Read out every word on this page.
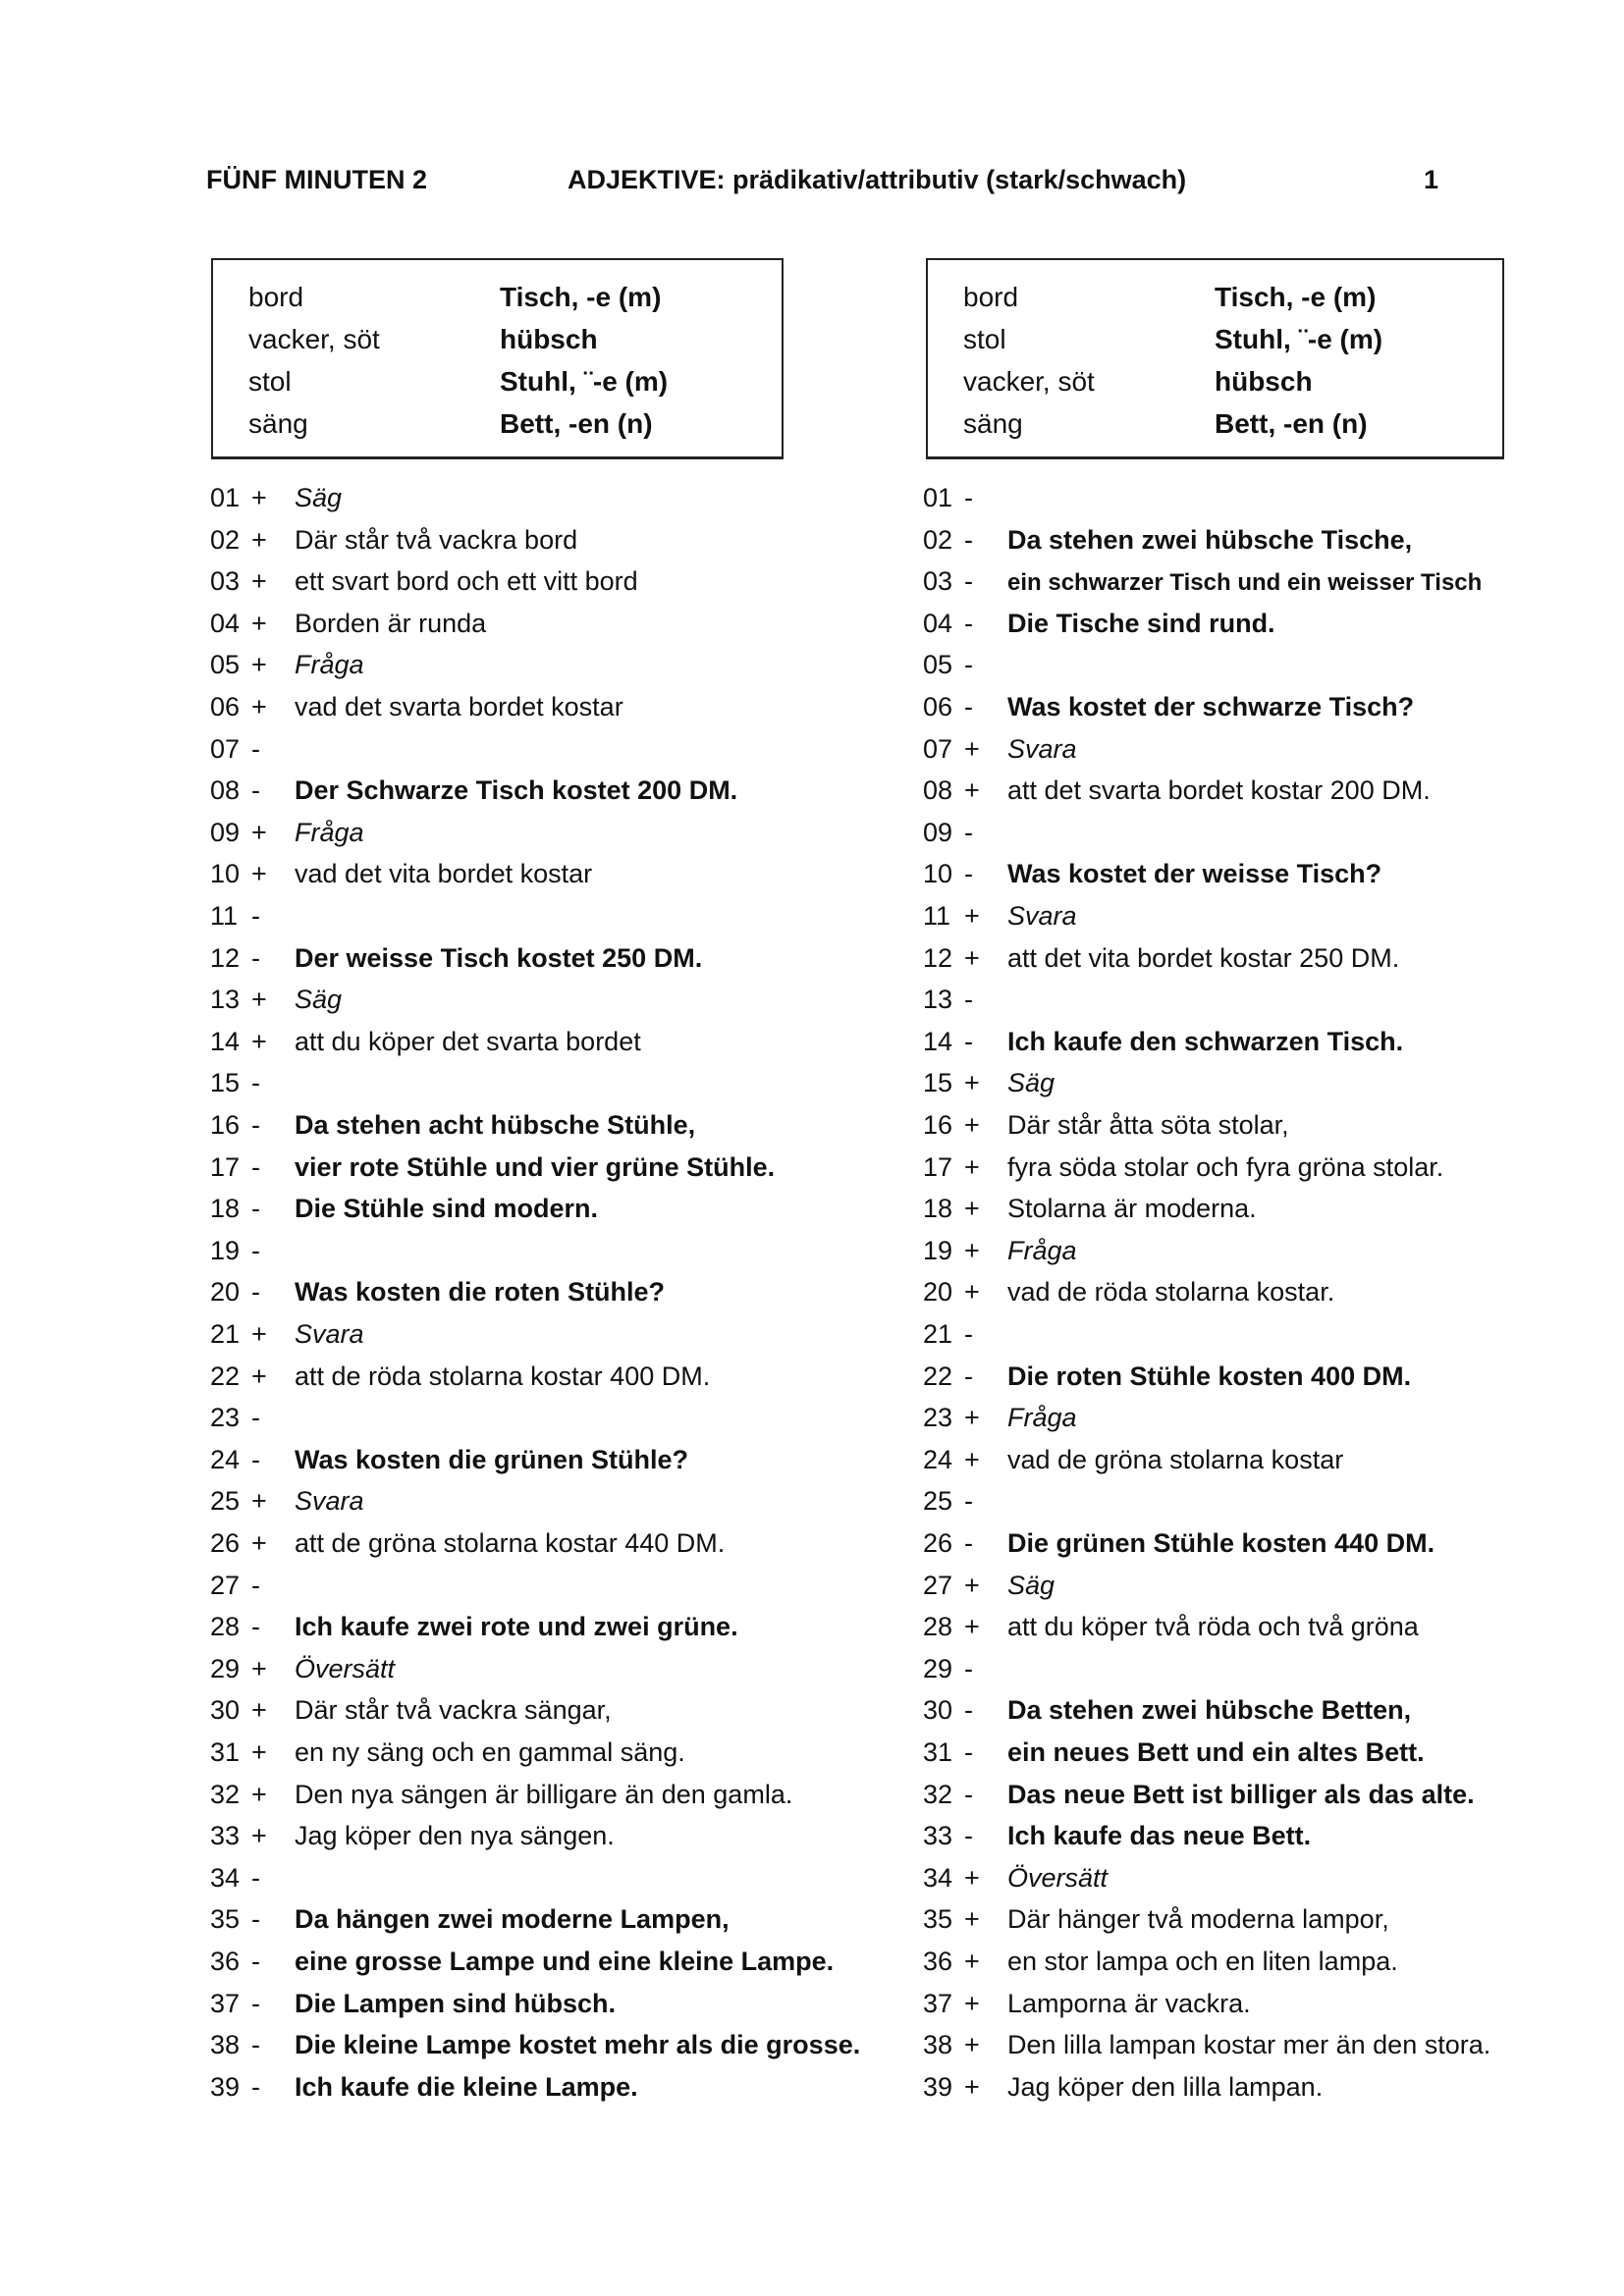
FÜNF MINUTEN 2	ADJEKTIVE: prädikativ/attributiv (stark/schwach)	1
bord	Tisch, -e (m)
vacker, söt	hübsch
stol	Stuhl, ¨-e (m)
säng	Bett, -en (n)
bord	Tisch, -e (m)
stol	Stuhl, ¨-e (m)
vacker, söt	hübsch
säng	Bett, -en (n)
01 + Säg
02 + Där står två vackra bord
03 + ett svart bord och ett vitt bord
04 + Borden är runda
05 + Fråga
06 + vad det svarta bordet kostar
07 -
08 - Der Schwarze Tisch kostet 200 DM.
09 + Fråga
10 + vad det vita bordet kostar
11 -
12 - Der weisse Tisch kostet 250 DM.
13 + Säg
14 + att du köper det svarta bordet
15 -
16 - Da stehen acht hübsche Stühle,
17 - vier rote Stühle und vier grüne Stühle.
18 - Die Stühle sind modern.
19 -
20 - Was kosten die roten Stühle?
21 + Svara
22 + att de röda stolarna kostar 400 DM.
23 -
24 - Was kosten die grünen Stühle?
25 + Svara
26 + att de gröna stolarna kostar 440 DM.
27 -
28 - Ich kaufe zwei rote und zwei grüne.
29 + Översätt
30 + Där står två vackra sängar,
31 + en ny säng och en gammal säng.
32 + Den nya sängen är billigare än den gamla.
33 + Jag köper den nya sängen.
34 -
35 - Da hängen zwei moderne Lampen,
36 - eine grosse Lampe und eine kleine Lampe.
37 - Die Lampen sind hübsch.
38 - Die kleine Lampe kostet mehr als die grosse.
39 - Ich kaufe die kleine Lampe.
01 -
02 - Da stehen zwei hübsche Tische,
03 - ein schwarzer Tisch und ein weisser Tisch
04 - Die Tische sind rund.
05 -
06 - Was kostet der schwarze Tisch?
07 + Svara
08 + att det svarta bordet kostar 200 DM.
09 -
10 - Was kostet der weisse Tisch?
11 + Svara
12 + att det vita bordet kostar 250 DM.
13 -
14 - Ich kaufe den schwarzen Tisch.
15 + Säg
16 + Där står åtta söta stolar,
17 + fyra söda stolar och fyra gröna stolar.
18 + Stolarna är moderna.
19 + Fråga
20 + vad de röda stolarna kostar.
21 -
22 - Die roten Stühle kosten 400 DM.
23 + Fråga
24 + vad de gröna stolarna kostar
25 -
26 - Die grünen Stühle kosten 440 DM.
27 + Säg
28 + att du köper två röda och två gröna
29 -
30 - Da stehen zwei hübsche Betten,
31 - ein neues Bett und ein altes Bett.
32 - Das neue Bett ist billiger als das alte.
33 - Ich kaufe das neue Bett.
34 + Översätt
35 + Där hänger två moderna lampor,
36 + en stor lampa och en liten lampa.
37 + Lamporna är vackra.
38 + Den lilla lampan kostar mer än den stora.
39 + Jag köper den lilla lampan.
